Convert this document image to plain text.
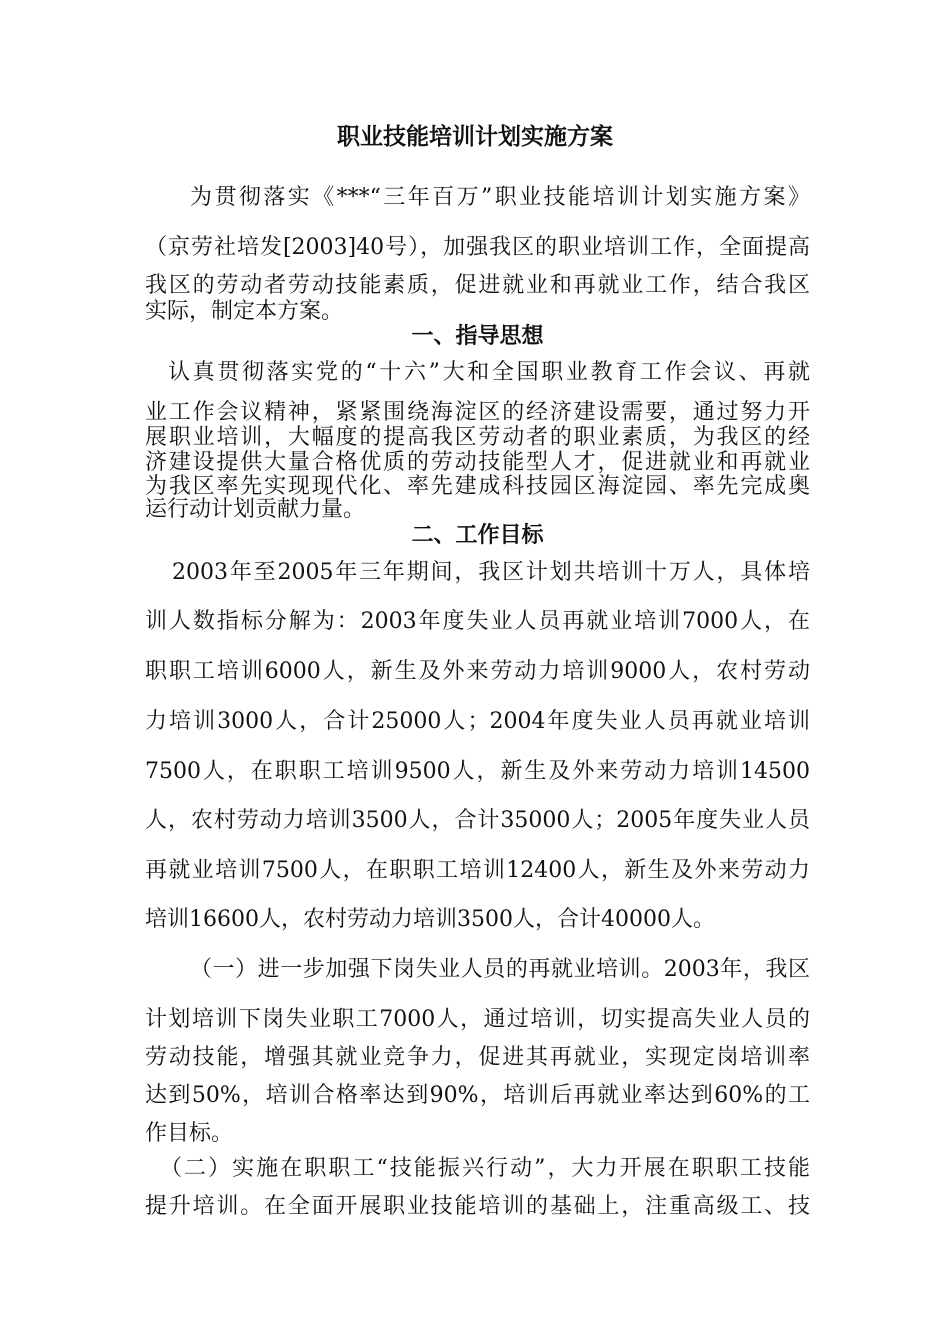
职业技能培训计划实施方案
为贯彻落实《***“三年百万”职业技能培训计划实施方案》
（京劳社培发[2003]40号），加强我区的职业培训工作，全面提高
我区的劳动者劳动技能素质，促进就业和再就业工作，结合我区
实际，制定本方案。
一、指导思想
认真贯彻落实党的“十六”大和全国职业教育工作会议、再就
业工作会议精神，紧紧围绕海淀区的经济建设需要，通过努力开
展职业培训，大幅度的提高我区劳动者的职业素质，为我区的经
济建设提供大量合格优质的劳动技能型人才，促进就业和再就业
为我区率先实现现代化、率先建成科技园区海淀园、率先完成奥
运行动计划贡献力量。
二、工作目标
2003年至2005年三年期间，我区计划共培训十万人，具体培
训人数指标分解为：2003年度失业人员再就业培训7000人，在
职职工培训6000人，新生及外来劳动力培训9000人，农村劳动
力培训3000人，合计25000人；2004年度失业人员再就业培训
7500人，在职职工培训9500人，新生及外来劳动力培训14500
人，农村劳动力培训3500人，合计35000人；2005年度失业人员
再就业培训7500人，在职职工培训12400人，新生及外来劳动力
培训16600人，农村劳动力培训3500人，合计40000人。
（一）进一步加强下岗失业人员的再就业培训。2003年，我区
计划培训下岗失业职工7000人，通过培训，切实提高失业人员的
劳动技能，增强其就业竞争力，促进其再就业，实现定岗培训率
达到50%，培训合格率达到90%，培训后再就业率达到60%的工
作目标。
（二）实施在职职工“技能振兴行动”，大力开展在职职工技能
提升培训。在全面开展职业技能培训的基础上，注重高级工、技
